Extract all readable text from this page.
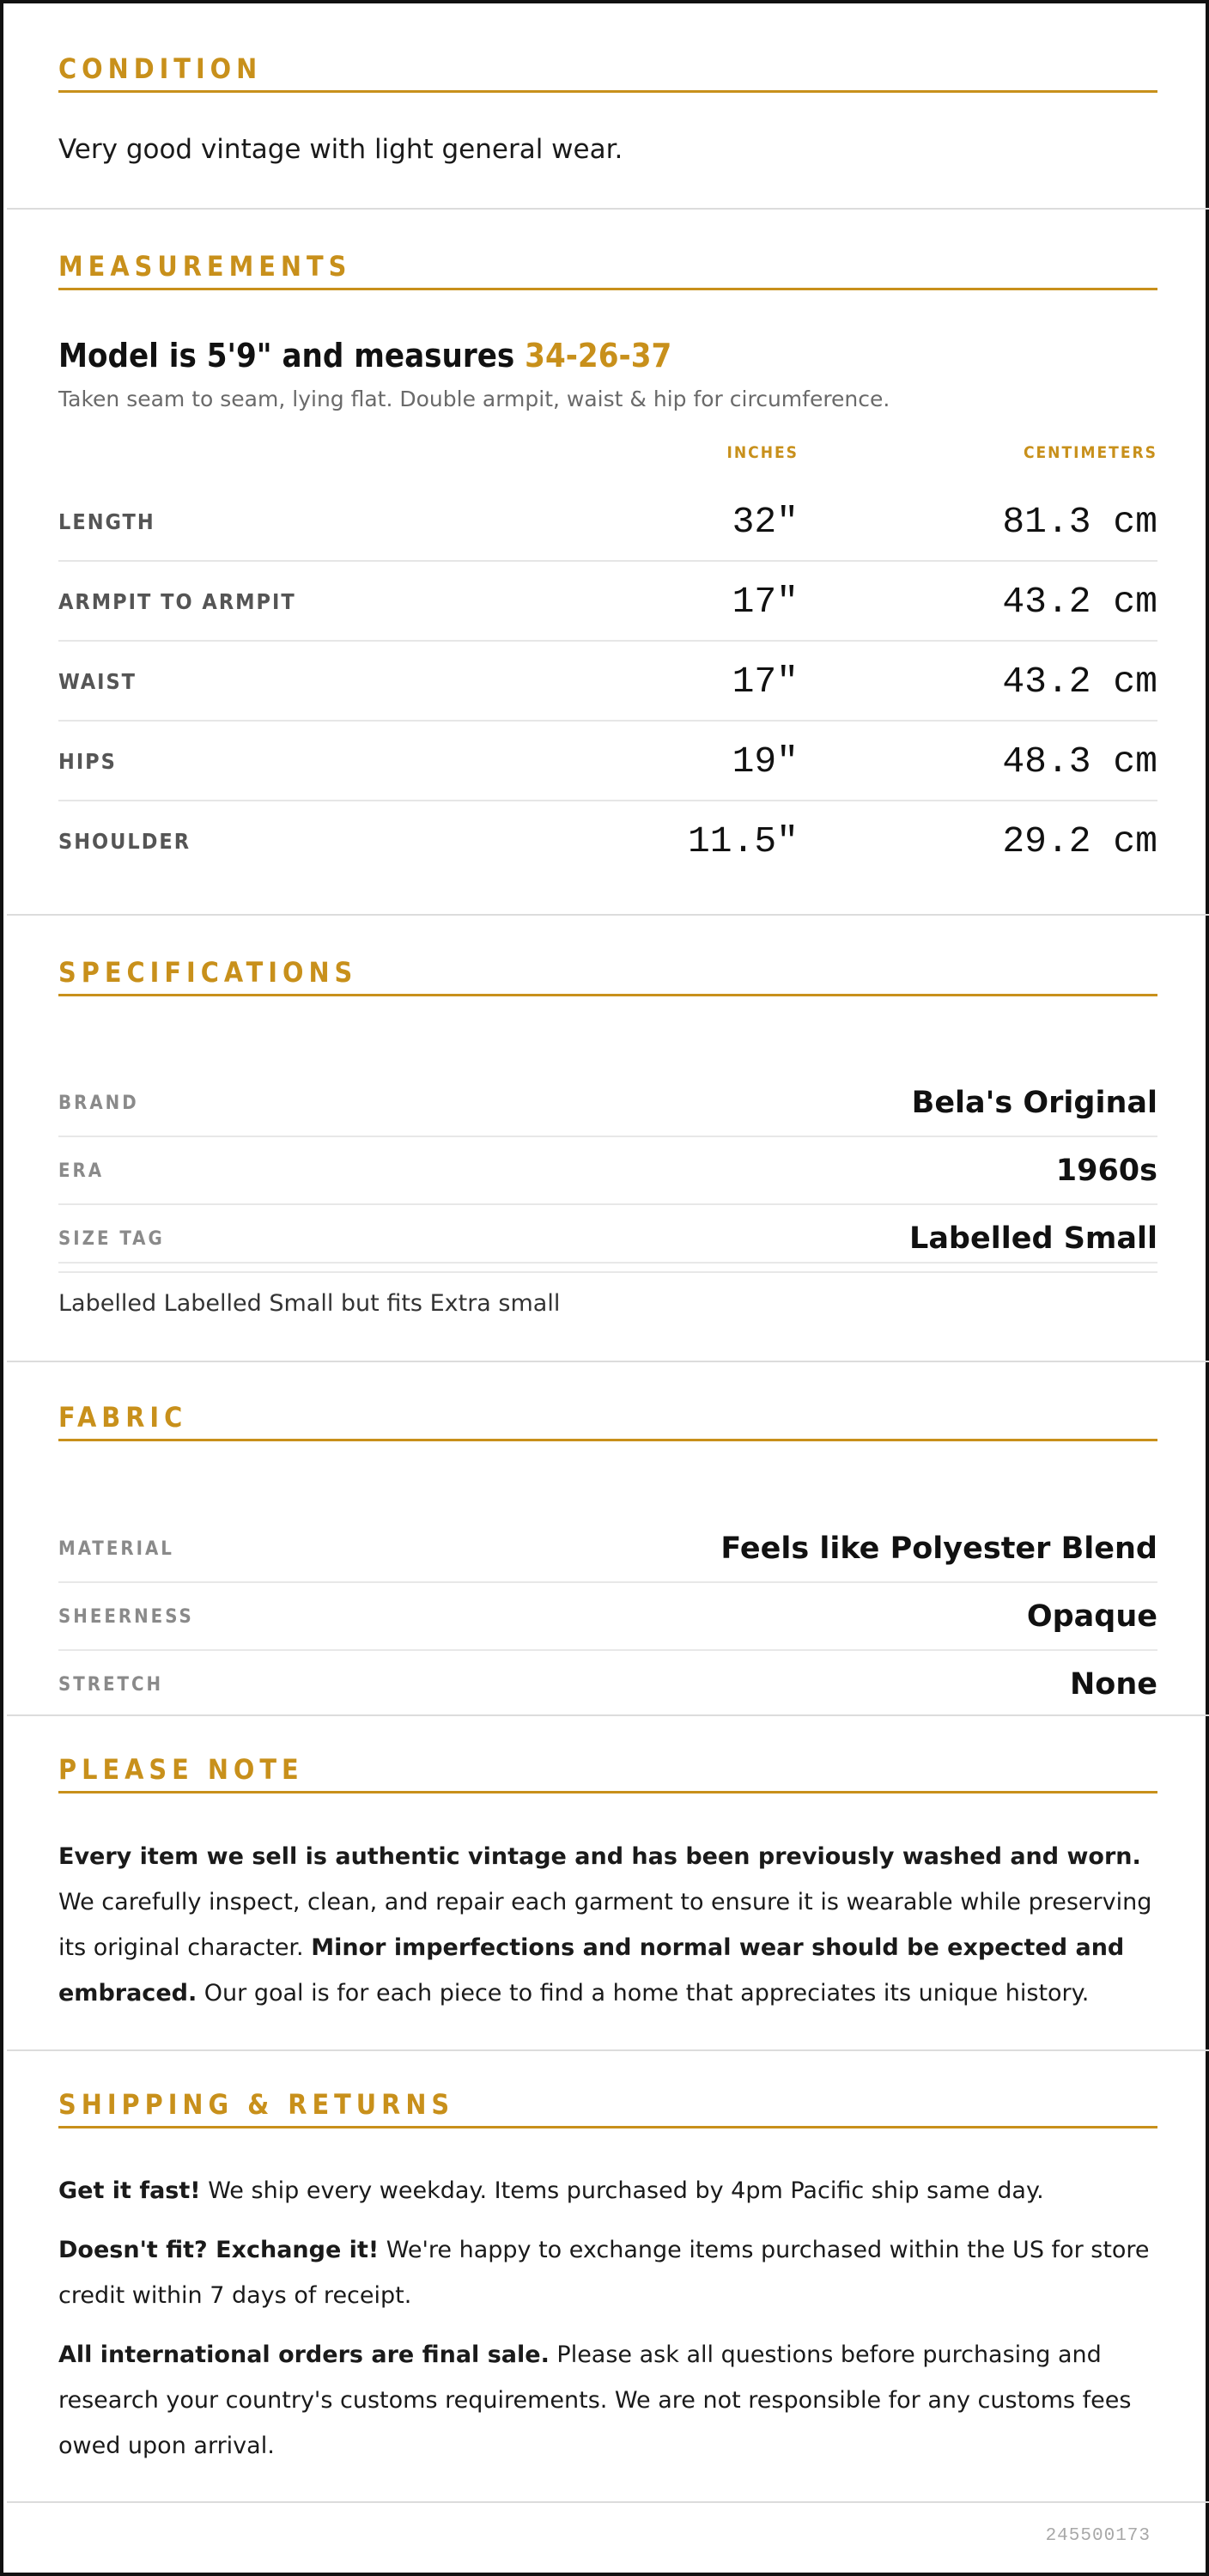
CONDITION
Very good vintage with light general wear.
MEASUREMENTS
Model is 5'9" and measures 34-26-37
Taken seam to seam, lying flat. Double armpit, waist & hip for circumference.
INCHES	CENTIMETERS
LENGTH	32"	81.3 cm
ARMPIT TO ARMPIT	17"	43.2 cm
WAIST	17"	43.2 cm
HIPS	19"	48.3 cm
SHOULDER	11.5"	29.2 cm
SPECIFICATIONS
BRAND	Bela's Original
ERA	1960s
SIZE TAG	Labelled Small
Labelled Labelled Small but fits Extra small
FABRIC
MATERIAL	Feels like Polyester Blend
SHEERNESS	Opaque
STRETCH	None
PLEASE NOTE
Every item we sell is authentic vintage and has been previously washed and worn. We carefully inspect, clean, and repair each garment to ensure it is wearable while preserving its original character. Minor imperfections and normal wear should be expected and embraced. Our goal is for each piece to find a home that appreciates its unique history.
SHIPPING & RETURNS
Get it fast! We ship every weekday. Items purchased by 4pm Pacific ship same day.
Doesn't fit? Exchange it! We're happy to exchange items purchased within the US for store credit within 7 days of receipt.
All international orders are final sale. Please ask all questions before purchasing and research your country's customs requirements. We are not responsible for any customs fees owed upon arrival.
245500173
